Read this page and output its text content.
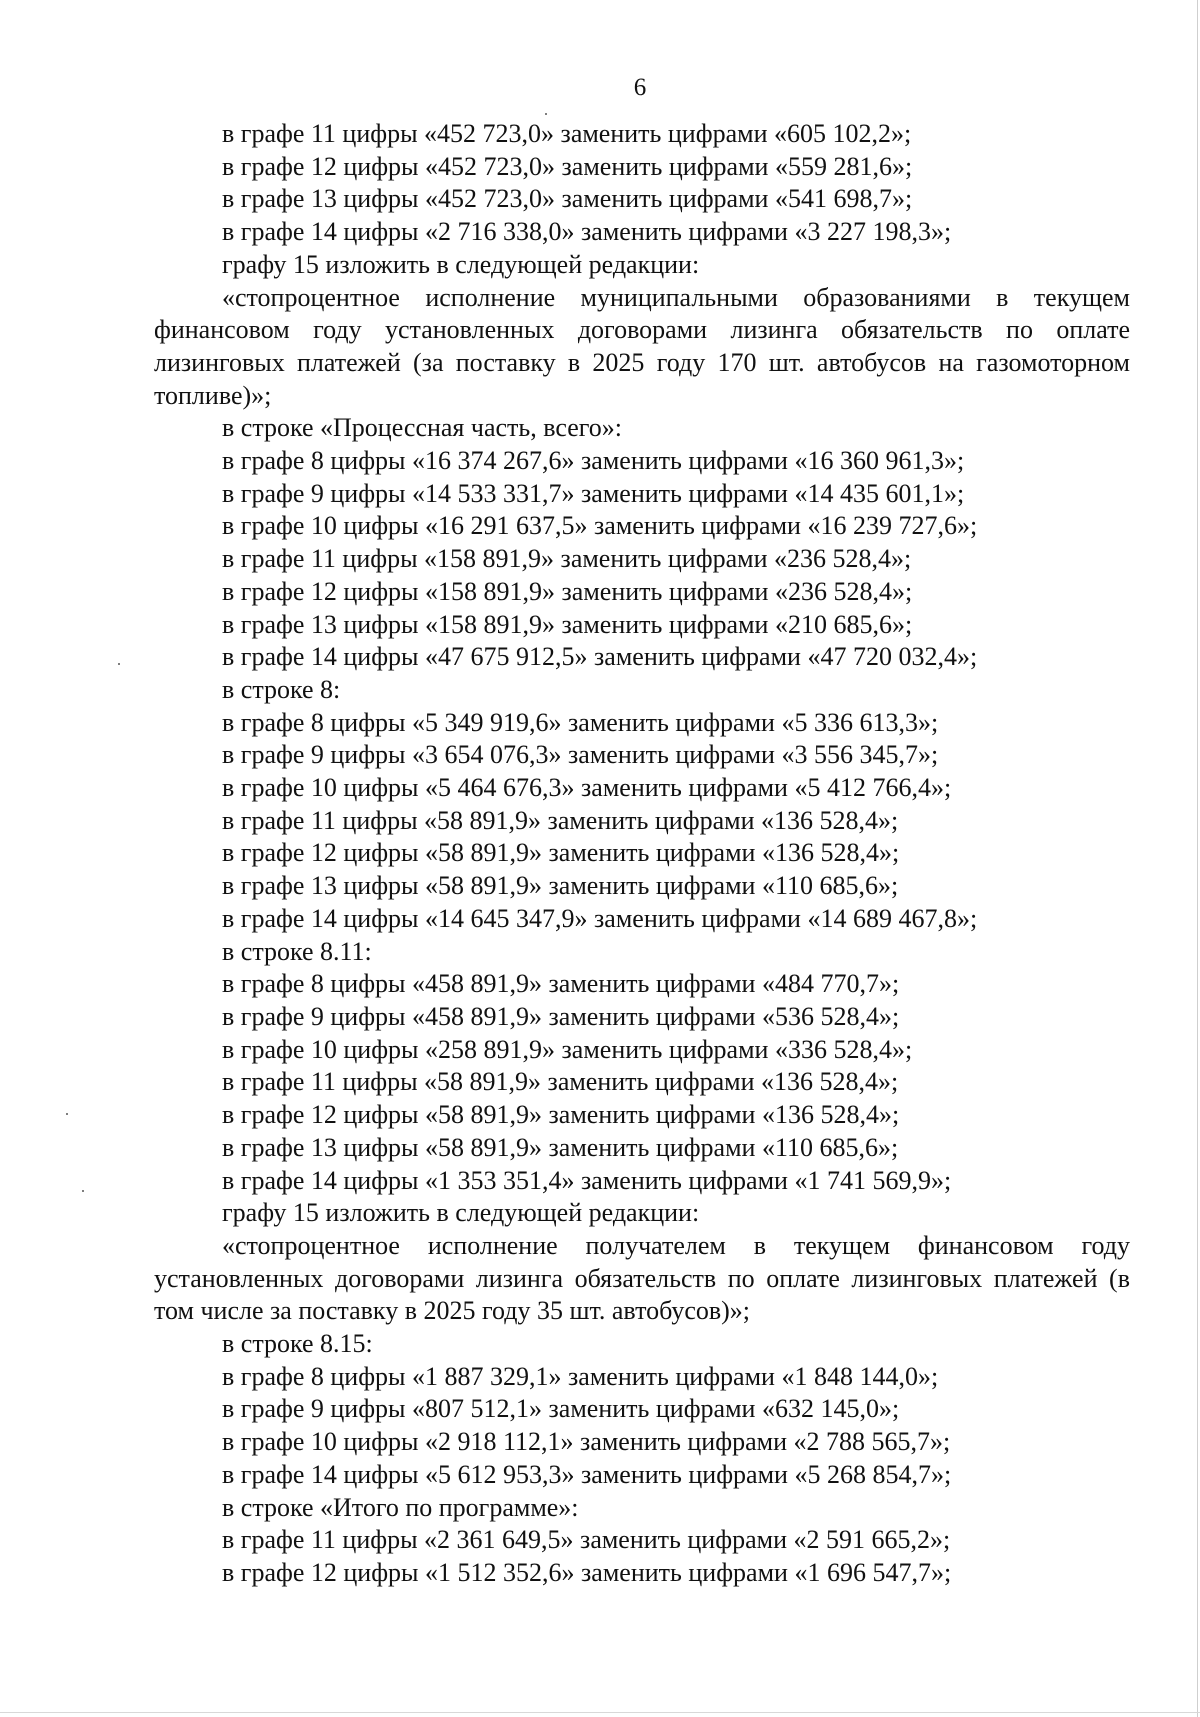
6

в графе 11 цифры «452 723,0» заменить цифрами «605 102,2»;

в графе 12 цифры «452 723,0» заменить цифрами «559 281,6»;

в графе 13 цифры «452 723,0» заменить цифрами «541 698,7»;

в графе 14 цифры «2 716 338,0» заменить цифрами «3 227 198,3»;

графу 15 изложить в следующей редакции:

«стопроцентное исполнение муниципальными образованиями в текущем финансовом году установленных договорами лизинга обязательств по оплате лизинговых платежей (за поставку в 2025 году 170 шт. автобусов на газомоторном топливе)»;

в строке «Процессная часть, всего»:

в графе 8 цифры «16 374 267,6» заменить цифрами «16 360 961,3»;

в графе 9 цифры «14 533 331,7» заменить цифрами «14 435 601,1»;

в графе 10 цифры «16 291 637,5» заменить цифрами «16 239 727,6»;

в графе 11 цифры «158 891,9» заменить цифрами «236 528,4»;

в графе 12 цифры «158 891,9» заменить цифрами «236 528,4»;

в графе 13 цифры «158 891,9» заменить цифрами «210 685,6»;

в графе 14 цифры «47 675 912,5» заменить цифрами «47 720 032,4»;

в строке 8:

в графе 8 цифры «5 349 919,6» заменить цифрами «5 336 613,3»;

в графе 9 цифры «3 654 076,3» заменить цифрами «3 556 345,7»;

в графе 10 цифры «5 464 676,3» заменить цифрами «5 412 766,4»;

в графе 11 цифры «58 891,9» заменить цифрами «136 528,4»;

в графе 12 цифры «58 891,9» заменить цифрами «136 528,4»;

в графе 13 цифры «58 891,9» заменить цифрами «110 685,6»;

в графе 14 цифры «14 645 347,9» заменить цифрами «14 689 467,8»;

в строке 8.11:

в графе 8 цифры «458 891,9» заменить цифрами «484 770,7»;

в графе 9 цифры «458 891,9» заменить цифрами «536 528,4»;

в графе 10 цифры «258 891,9» заменить цифрами «336 528,4»;

в графе 11 цифры «58 891,9» заменить цифрами «136 528,4»;

в графе 12 цифры «58 891,9» заменить цифрами «136 528,4»;

в графе 13 цифры «58 891,9» заменить цифрами «110 685,6»;

в графе 14 цифры «1 353 351,4» заменить цифрами «1 741 569,9»;

графу 15 изложить в следующей редакции:

«стопроцентное исполнение получателем в текущем финансовом году установленных договорами лизинга обязательств по оплате лизинговых платежей (в том числе за поставку в 2025 году 35 шт. автобусов)»;

в строке 8.15:

в графе 8 цифры «1 887 329,1» заменить цифрами «1 848 144,0»;

в графе 9 цифры «807 512,1» заменить цифрами «632 145,0»;

в графе 10 цифры «2 918 112,1» заменить цифрами «2 788 565,7»;

в графе 14 цифры «5 612 953,3» заменить цифрами «5 268 854,7»;

в строке «Итого по программе»:

в графе 11 цифры «2 361 649,5» заменить цифрами «2 591 665,2»;

в графе 12 цифры «1 512 352,6» заменить цифрами «1 696 547,7»;
